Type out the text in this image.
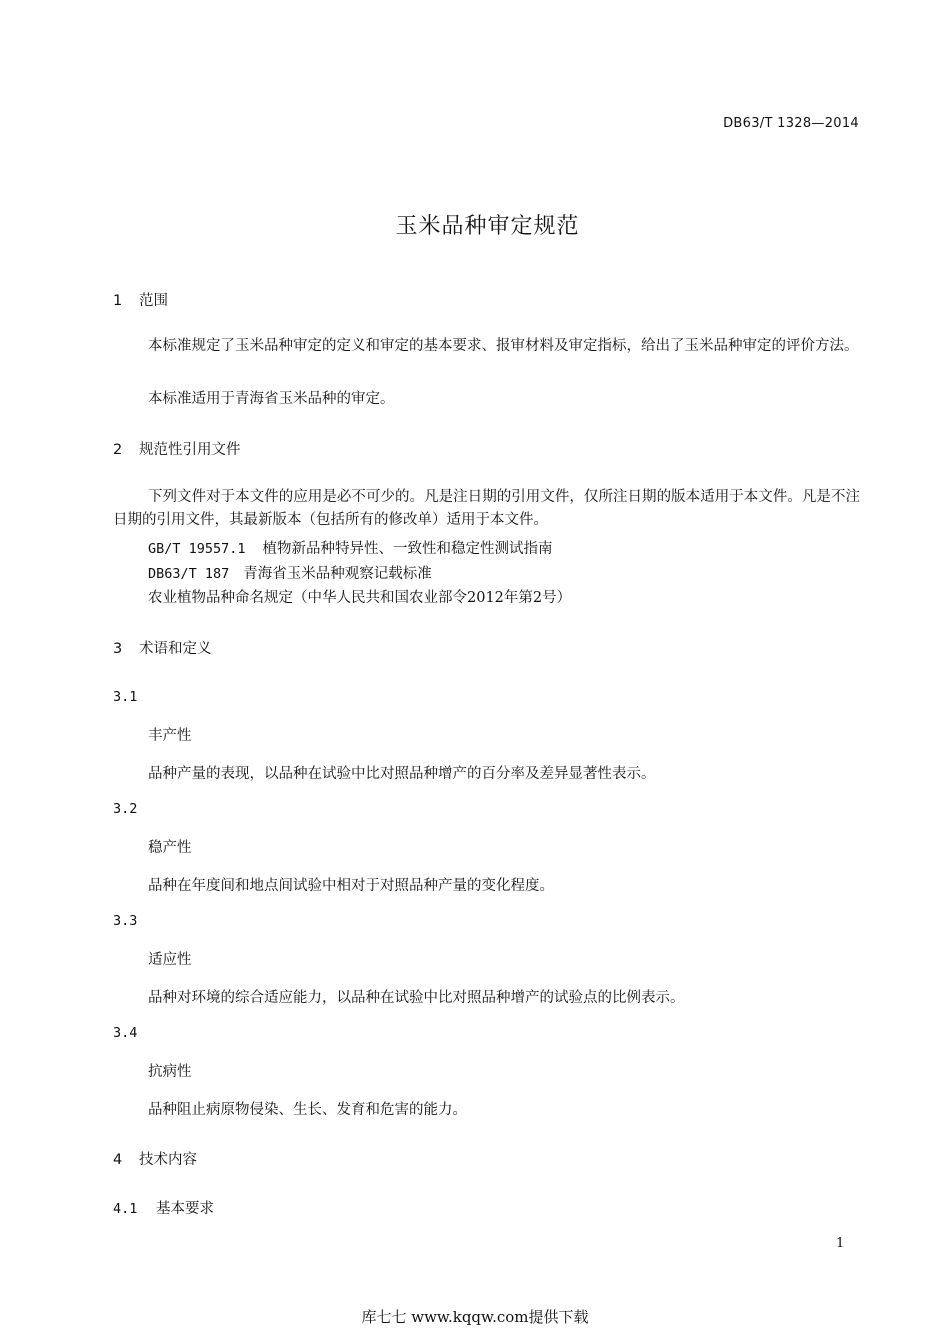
DB63/T 1328—2014
玉米品种审定规范
1 范围
本标准规定了玉米品种审定的定义和审定的基本要求、报审材料及审定指标，给出了玉米品种审定的评价方法。
本标准适用于青海省玉米品种的审定。
2 规范性引用文件
下列文件对于本文件的应用是必不可少的。凡是注日期的引用文件，仅所注日期的版本适用于本文件。凡是不注日期的引用文件，其最新版本（包括所有的修改单）适用于本文件。
GB/T 19557.1 植物新品种特异性、一致性和稳定性测试指南
DB63/T 187 青海省玉米品种观察记载标准
农业植物品种命名规定（中华人民共和国农业部令2012年第2号）
3 术语和定义
3.1
丰产性
品种产量的表现，以品种在试验中比对照品种增产的百分率及差异显著性表示。
3.2
稳产性
品种在年度间和地点间试验中相对于对照品种产量的变化程度。
3.3
适应性
品种对环境的综合适应能力，以品种在试验中比对照品种增产的试验点的比例表示。
3.4
抗病性
品种阻止病原物侵染、生长、发育和危害的能力。
4 技术内容
4.1 基本要求
1
库七七 www.kqqw.com提供下载
